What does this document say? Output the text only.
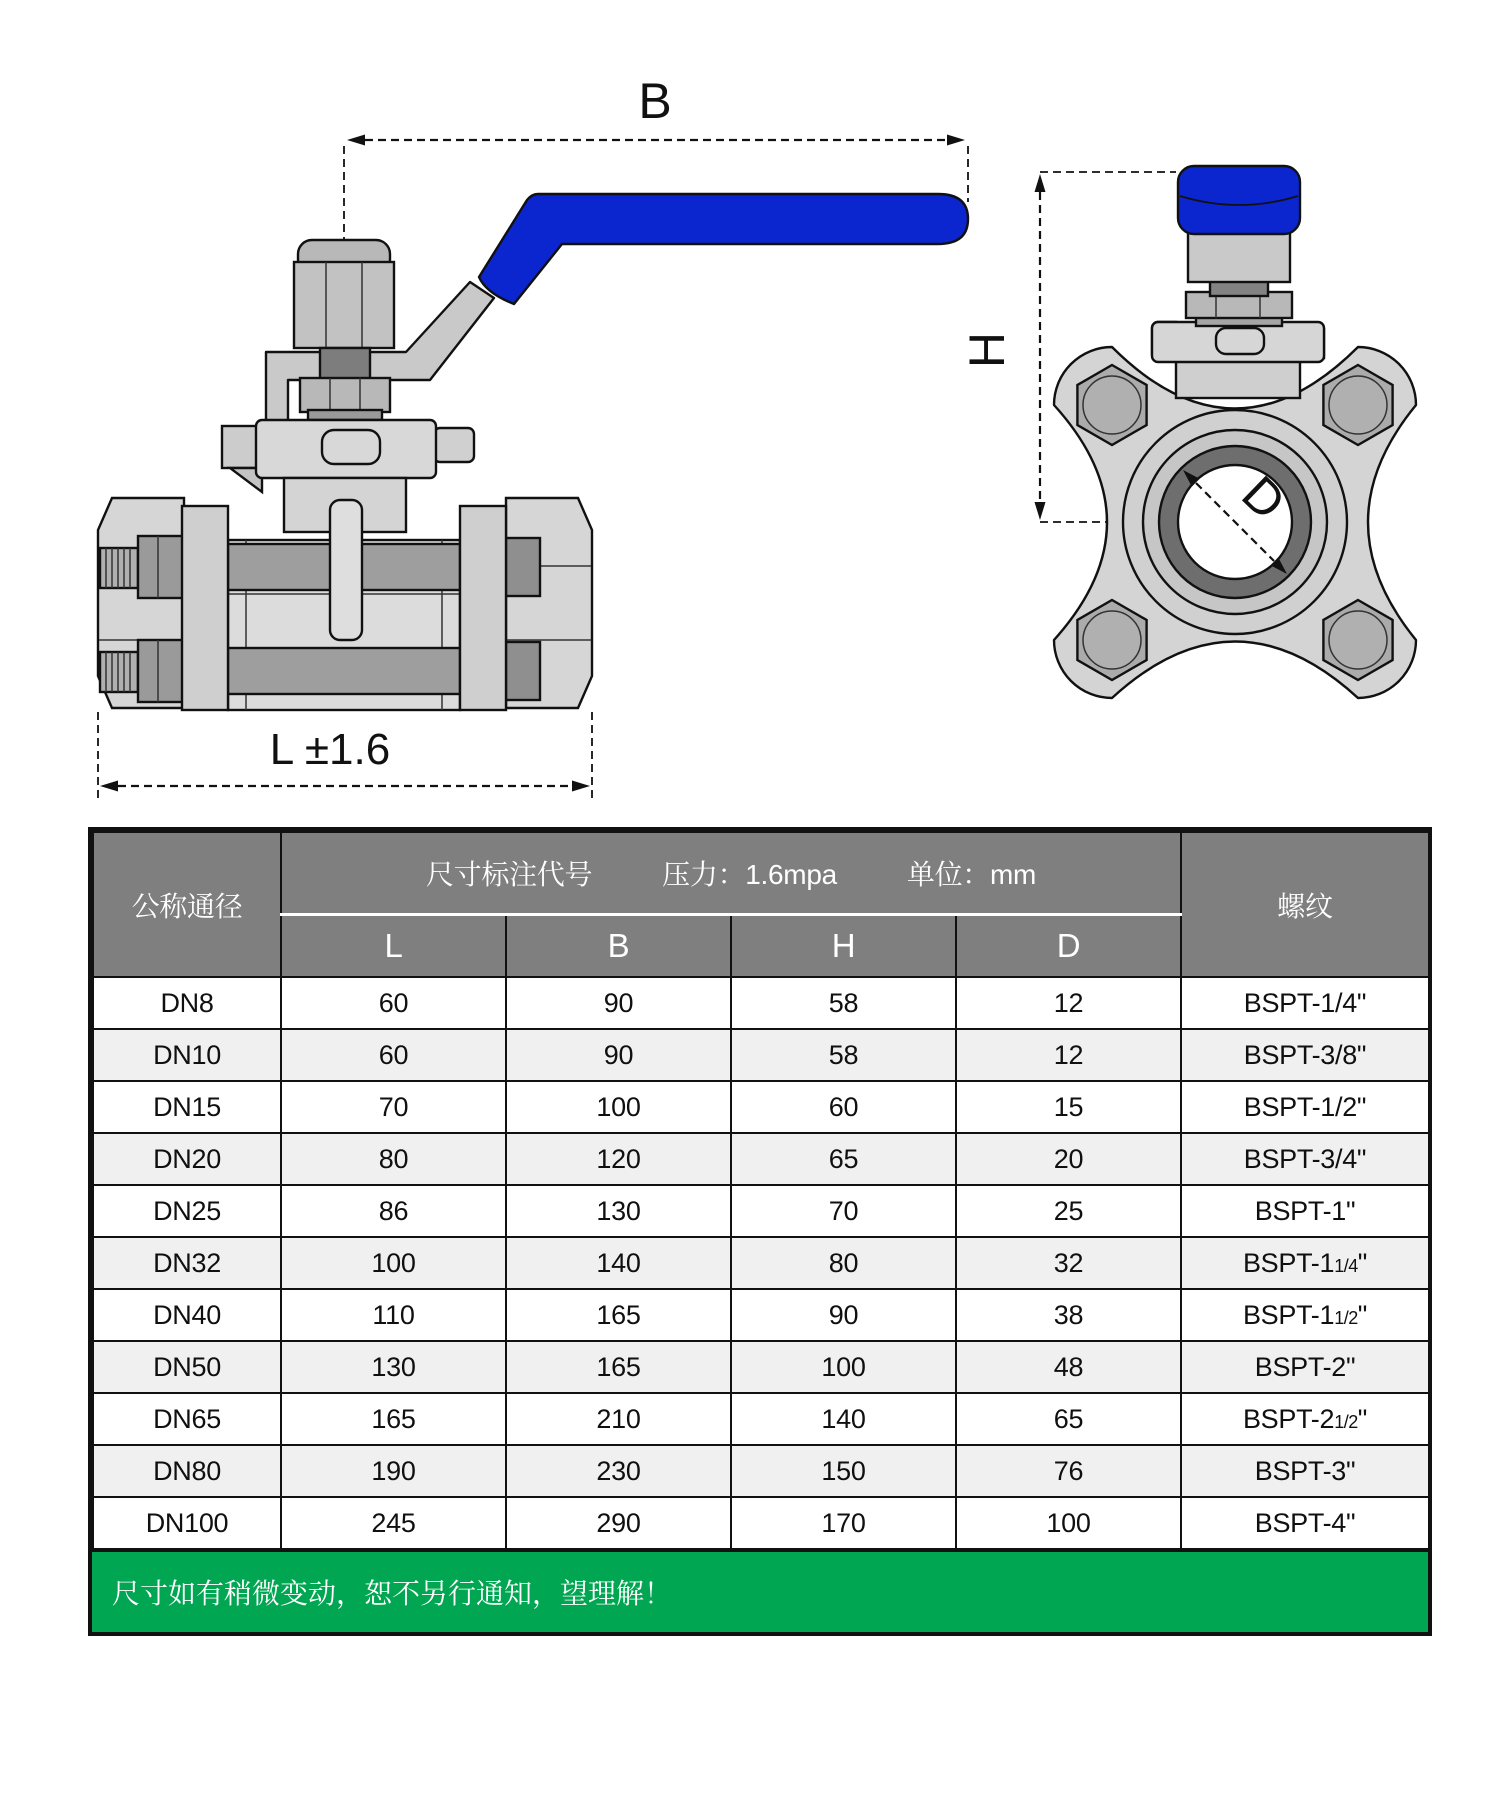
B
L ±1.6
H
D
公称通径	尺寸标注代号 压力：1.6mpa 单位：mm				螺纹
	L	B	H	D	
DN8	60	90	58	12	BSPT-1/4"
DN10	60	90	58	12	BSPT-3/8"
DN15	70	100	60	15	BSPT-1/2"
DN20	80	120	65	20	BSPT-3/4"
DN25	86	130	70	25	BSPT-1"
DN32	100	140	80	32	BSPT-11/4"
DN40	110	165	90	38	BSPT-11/2"
DN50	130	165	100	48	BSPT-2"
DN65	165	210	140	65	BSPT-21/2"
DN80	190	230	150	76	BSPT-3"
DN100	245	290	170	100	BSPT-4"
尺寸如有稍微变动，恕不另行通知，望理解！
